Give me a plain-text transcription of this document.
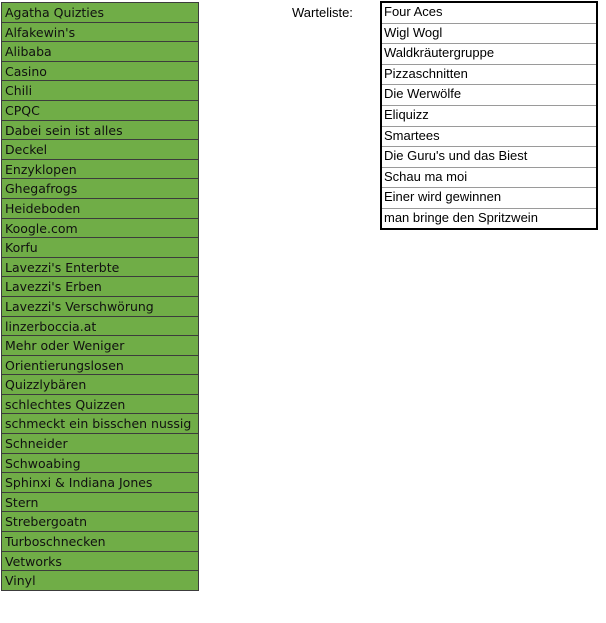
Agatha Quizties
Alfakewin's
Alibaba
Casino
Chili
CPQC
Dabei sein ist alles
Deckel
Enzyklopen
Ghegafrogs
Heideboden
Koogle.com
Korfu
Lavezzi's Enterbte
Lavezzi's Erben
Lavezzi's Verschwörung
linzerboccia.at
Mehr oder Weniger
Orientierungslosen
Quizzlybären
schlechtes Quizzen
schmeckt ein bisschen nussig
Schneider
Schwoabing
Sphinxi & Indiana Jones
Stern
Strebergoatn
Turboschnecken
Vetworks
Vinyl
Warteliste: Four Aces
Wigl Wogl
Waldkräutergruppe
Pizzaschnitten
Die Werwölfe
Eliquizz
Smartees
Die Guru's und das Biest
Schau ma moi
Einer wird gewinnen
man bringe den Spritzwein
